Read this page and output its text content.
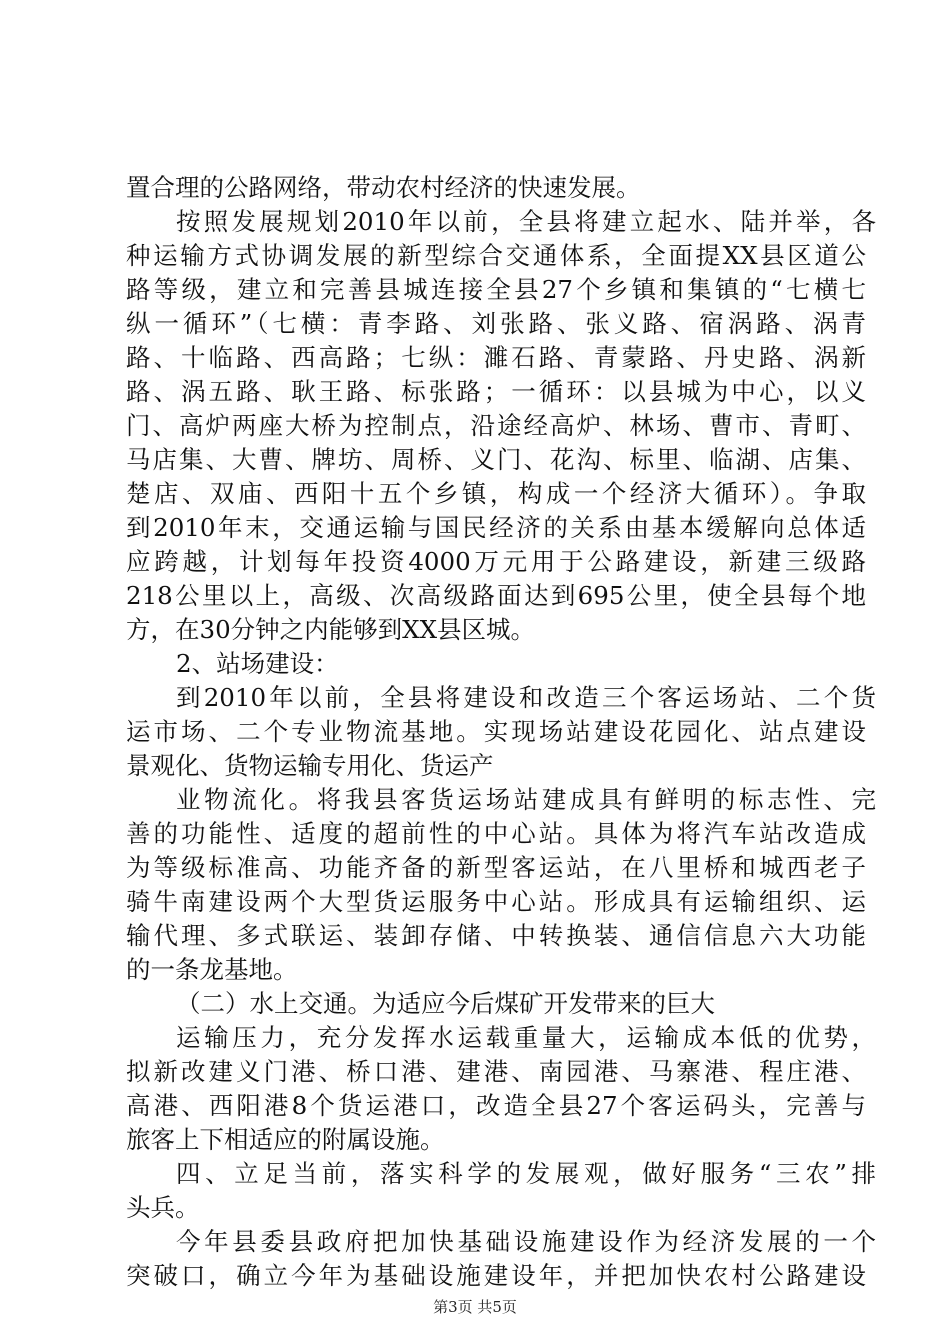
置合理的公路网络，带动农村经济的快速发展。
按照发展规划2010年以前，全县将建立起水、陆并举，各
种运输方式协调发展的新型综合交通体系，全面提XX县区道公
路等级，建立和完善县城连接全县27个乡镇和集镇的“七横七
纵一循环”（七横：青李路、刘张路、张义路、宿涡路、涡青
路、十临路、西高路；七纵：濉石路、青蒙路、丹史路、涡新
路、涡五路、耿王路、标张路；一循环：以县城为中心，以义
门、高炉两座大桥为控制点，沿途经高炉、林场、曹市、青町、
马店集、大曹、牌坊、周桥、义门、花沟、标里、临湖、店集、
楚店、双庙、西阳十五个乡镇，构成一个经济大循环）。争取
到2010年末，交通运输与国民经济的关系由基本缓解向总体适
应跨越，计划每年投资4000万元用于公路建设，新建三级路
218公里以上，高级、次高级路面达到695公里，使全县每个地
方，在30分钟之内能够到XX县区城。
2、站场建设：
到2010年以前，全县将建设和改造三个客运场站、二个货
运市场、二个专业物流基地。实现场站建设花园化、站点建设
景观化、货物运输专用化、货运产
业物流化。将我县客货运场站建成具有鲜明的标志性、完
善的功能性、适度的超前性的中心站。具体为将汽车站改造成
为等级标准高、功能齐备的新型客运站，在八里桥和城西老子
骑牛南建设两个大型货运服务中心站。形成具有运输组织、运
输代理、多式联运、装卸存储、中转换装、通信信息六大功能
的一条龙基地。
（二）水上交通。为适应今后煤矿开发带来的巨大
运输压力，充分发挥水运载重量大，运输成本低的优势，
拟新改建义门港、桥口港、建港、南园港、马寨港、程庄港、
高港、西阳港8个货运港口，改造全县27个客运码头，完善与
旅客上下相适应的附属设施。
四、立足当前，落实科学的发展观，做好服务“三农”排
头兵。
今年县委县政府把加快基础设施建设作为经济发展的一个
突破口，确立今年为基础设施建设年，并把加快农村公路建设
第3页 共5页
